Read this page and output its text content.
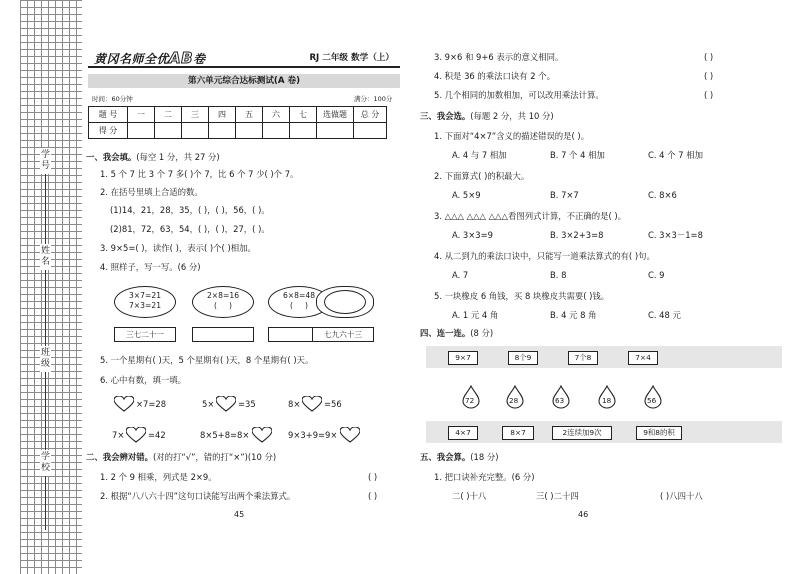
学号
姓名
班级
学校
黄冈名师全优AB卷	RJ 二年级 数学（上）
第六单元综合达标测试(A 卷)
时间：60分钟	满分：100分
题 号	一	二	三	四	五	六	七	选做题	总 分
得 分									
一、我会填。(每空 1 分，共 27 分)
1. 5 个 7 比 3 个 7 多( )个 7，比 6 个 7 少( )个 7。
2. 在括号里填上合适的数。
(1)14，21，28，35，( )，( )，56，( )。
(2)81，72，63，54，( )，( )，27，( )。
3. 9×5=( )，读作( )，表示( )个( )相加。
4. 照样子，写一写。(6 分)
3×7=21
7×3=21
2×8=16
(     )
6×8=48
(     )
三七二十一	七九六十三
5. 一个星期有( )天，5 个星期有( )天，8 个星期有( )天。
6. 心中有数，填一填。
×7=28	5×	=35	8×	=56
7×	=42	8×5+8=8×	9×3+9=9×
二、我会辨对错。(对的打“√”，错的打“×”)(10 分)
1. 2 个 9 相乘，列式是 2×9。	( )
2. 根据“八八六十四”这句口诀能写出两个乘法算式。	( )
45
3. 9×6 和 9+6 表示的意义相同。	( )
4. 积是 36 的乘法口诀有 2 个。	( )
5. 几个相同的加数相加，可以改用乘法计算。	( )
三、我会选。(每题 2 分，共 10 分)
1. 下面对“4×7”含义的描述错误的是( )。
A. 4 与 7 相加	B. 7 个 4 相加	C. 4 个 7 相加
2. 下面算式( )的积最大。
A. 5×9	B. 7×7	C. 8×6
3. △△△ △△△ △△△看图列式计算，不正确的是( )。
A. 3×3=9	B. 3×2+3=8	C. 3×3－1=8
4. 从二到九的乘法口诀中，只能写一道乘法算式的有( )句。
A. 7	B. 8	C. 9
5. 一块橡皮 6 角钱，买 8 块橡皮共需要( )钱。
A. 1 元 4 角	B. 4 元 8 角	C. 48 元
四、连一连。(8 分)
9×7	8个9	7个8	7×4
72	28	63	18	56
4×7	8×7	2连续加9次	9和8的积
五、我会算。(18 分)
1. 把口诀补充完整。(6 分)
二( )十八	三( )二十四	( )八四十八
46
